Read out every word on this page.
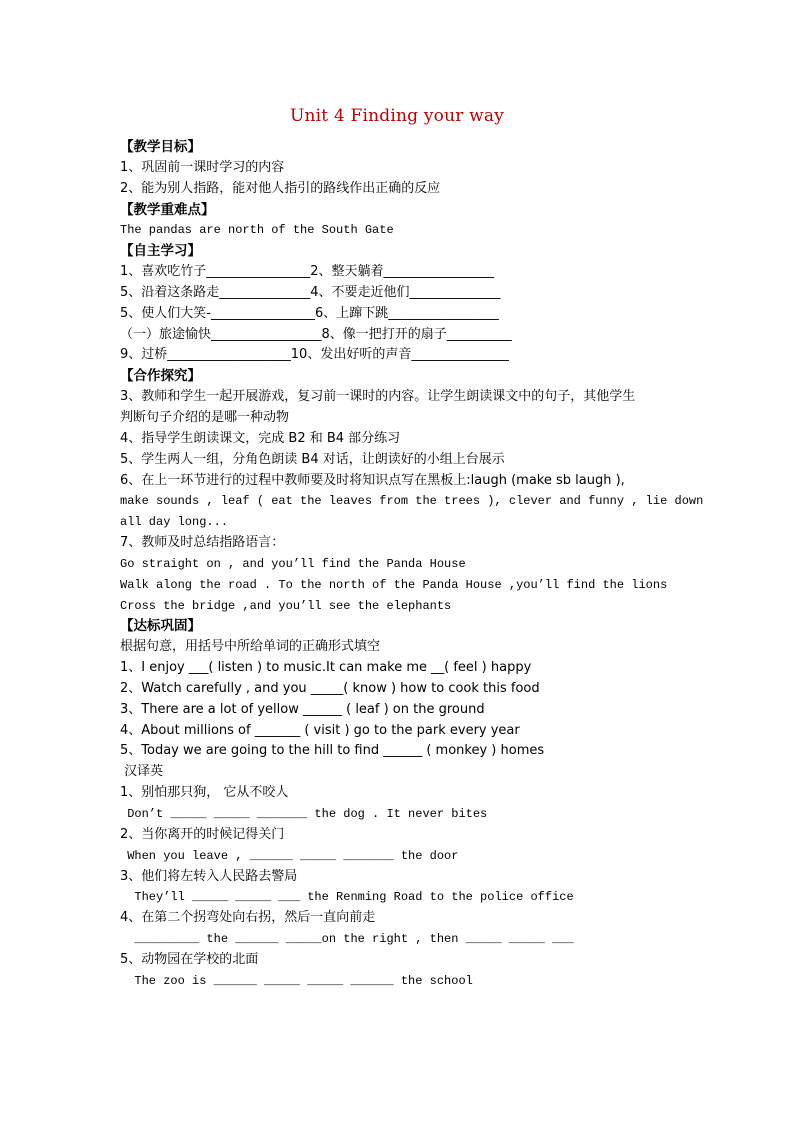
Unit 4 Finding your way
【教学目标】
1、巩固前一课时学习的内容
2、能为别人指路，能对他人指引的路线作出正确的反应
【教学重难点】
The pandas are north of the South Gate
【自主学习】
1、喜欢吃竹子________________2、整天躺着_________________
5、沿着这条路走______________4、不要走近他们______________
5、使人们大笑-________________6、上蹿下跳_________________
（一）旅途愉快_________________8、像一把打开的扇子__________
9、过桥___________________10、发出好听的声音_______________
【合作探究】
3、教师和学生一起开展游戏，复习前一课时的内容。让学生朗读课文中的句子，其他学生
判断句子介绍的是哪一种动物
4、指导学生朗读课文，完成 B2 和 B4 部分练习
5、学生两人一组，分角色朗读 B4 对话，让朗读好的小组上台展示
6、在上一环节进行的过程中教师要及时将知识点写在黑板上:laugh (make sb laugh ),
make sounds , leaf ( eat the leaves from the trees ), clever and funny , lie down
all day long...
7、教师及时总结指路语言：
Go straight on , and you’ll find the Panda House
Walk along the road . To the north of the Panda House ,you’ll find the lions
Cross the bridge ,and you’ll see the elephants
【达标巩固】
根据句意，用括号中所给单词的正确形式填空
1、I enjoy ___( listen ) to music.It can make me __( feel ) happy
2、Watch carefully , and you _____( know ) how to cook this food
3、There are a lot of yellow ______ ( leaf ) on the ground
4、About millions of _______ ( visit ) go to the park every year
5、Today we are going to the hill to find ______ ( monkey ) homes
汉译英
1、别怕那只狗， 它从不咬人
Don’t _____ _____ _______ the dog . It never bites
2、当你离开的时候记得关门
When you leave , ______ _____ _______ the door
3、他们将左转入人民路去警局
They’ll _____ _____ ___ the Renming Road to the police office
4、在第二个拐弯处向右拐，然后一直向前走
_________ the ______ _____on the right , then _____ _____ ___
5、动物园在学校的北面
The zoo is ______ _____ _____ ______ the school
